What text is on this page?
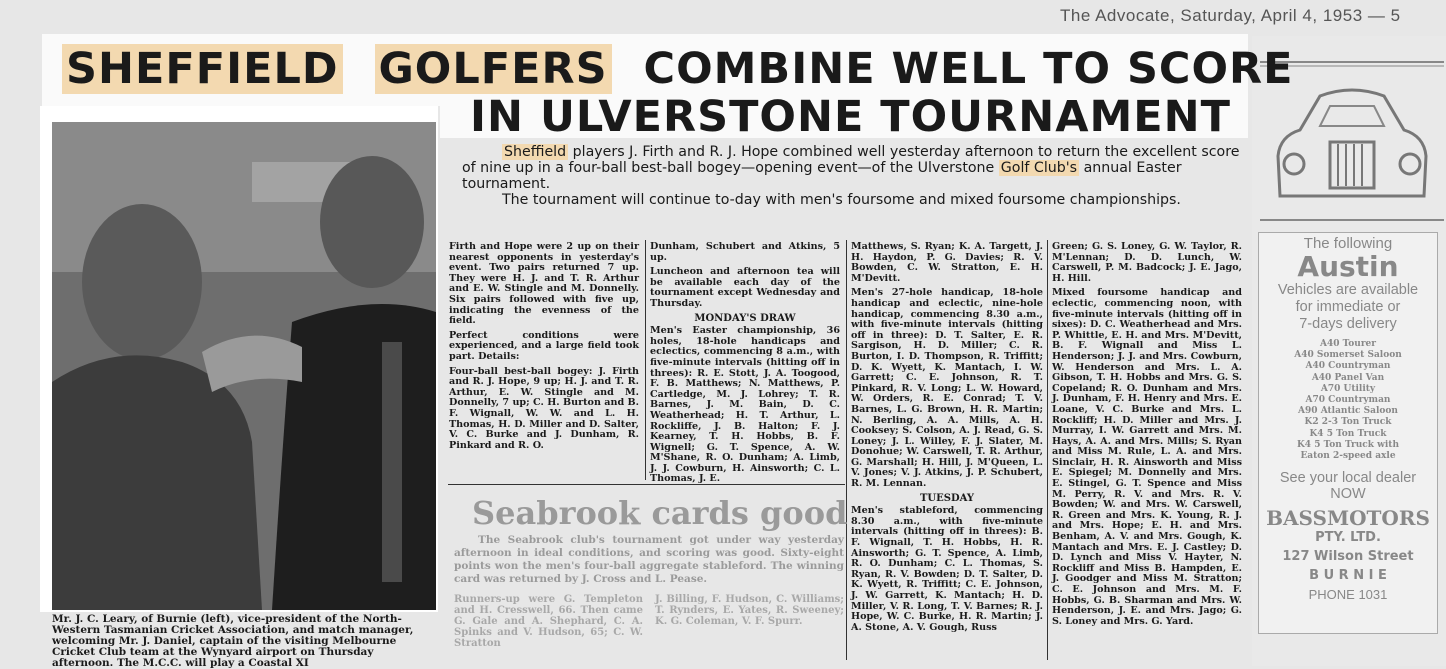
The Advocate, Saturday, April 4, 1953 — 5
The following
Austin
Vehicles are available
for immediate or
7-days delivery
A40 Tourer
A40 Somerset Saloon
A40 Countryman
A40 Panel Van
A70 Utility
A70 Countryman
A90 Atlantic Saloon
K2 2-3 Ton Truck
K4 5 Ton Truck
K4 5 Ton Truck with
Eaton 2-speed axle
See your local dealer
NOW
BASSMOTORS
PTY. LTD.
127 Wilson Street
B U R N I E
PHONE 1031
SHEFFIELD GOLFERS COMBINE WELL TO SCORE
IN ULVERSTONE TOURNAMENT
Mr. J. C. Leary, of Burnie (left), vice-president of the North-Western Tasmanian Cricket Association, and match manager, welcoming Mr. J. Daniel, captain of the visiting Melbourne Cricket Club team at the Wynyard airport on Thursday afternoon. The M.C.C. will play a Coastal XI
Sheffield players J. Firth and R. J. Hope combined well yesterday afternoon to return the excellent score of nine up in a four-ball best-ball bogey—opening event—of the Ulverstone Golf Club's annual Easter tournament.
The tournament will continue to-day with men's foursome and mixed foursome championships.

Firth and Hope were 2 up on their nearest opponents in yesterday's event. Two pairs returned 7 up. They were H. J. and T. R. Arthur and E. W. Stingle and M. Donnelly. Six pairs followed with five up, indicating the evenness of the field.

Perfect conditions were experienced, and a large field took part. Details:

Four-ball best-ball bogey: J. Firth and R. J. Hope, 9 up; H. J. and T. R. Arthur, E. W. Stingle and M. Donnelly, 7 up; C. H. Burton and B. F. Wignall, W. W. and L. H. Thomas, H. D. Miller and D. Salter, V. C. Burke and J. Dunham, R. Pinkard and R. O.

Dunham, Schubert and Atkins, 5 up.

Luncheon and afternoon tea will be available each day of the tournament except Wednesday and Thursday.

MONDAY'S DRAW

Men's Easter championship, 36 holes, 18-hole handicaps and eclectics, commencing 8 a.m., with five-minute intervals (hitting off in threes): R. E. Stott, J. A. Toogood, F. B. Matthews; N. Matthews, P. Cartledge, M. J. Lohrey; T. R. Barnes, J. M. Bain, D. C. Weatherhead; H. T. Arthur, L. Rockliffe, J. B. Halton; F. J. Kearney, T. H. Hobbs, B. F. Wignell; G. T. Spence, A. W. M'Shane, R. O. Dunham; A. Limb, J. J. Cowburn, H. Ainsworth; C. L. Thomas, J. E.

Matthews, S. Ryan; K. A. Targett, J. H. Haydon, P. G. Davies; R. V. Bowden, C. W. Stratton, E. H. M'Devitt.

Men's 27-hole handicap, 18-hole handicap and eclectic, nine-hole handicap, commencing 8.30 a.m., with five-minute intervals (hitting off in three): D. T. Salter, E. R. Sargison, H. D. Miller; C. R. Burton, I. D. Thompson, R. Triffitt; D. K. Wyett, K. Mantach, I. W. Garrett; C. E. Johnson, R. T. Pinkard, R. V. Long; L. W. Howard, W. Orders, R. E. Conrad; T. V. Barnes, L. G. Brown, H. R. Martin; N. Berling, A. A. Mills, A. H. Cooksey; S. Colson, A. J. Read, G. S. Loney; J. L. Willey, F. J. Slater, M. Donohue; W. Carswell, T. R. Arthur, G. Marshall; H. Hill, J. M'Queen, L. V. Jones; V. J. Atkins, J. P. Schubert, R. M. Lennan.

TUESDAY

Men's stableford, commencing 8.30 a.m., with five-minute intervals (hitting off in threes): B. F. Wignall, T. H. Hobbs, H. R. Ainsworth; G. T. Spence, A. Limb, R. O. Dunham; C. L. Thomas, S. Ryan, R. V. Bowden; D. T. Salter, D. K. Wyett, R. Triffitt; C. E. Johnson, J. W. Garrett, K. Mantach; H. D. Miller, V. R. Long, T. V. Barnes; R. J. Hope, W. C. Burke, H. R. Martin; J. A. Stone, A. V. Gough, Russ

Green; G. S. Loney, G. W. Taylor, R. M'Lennan; D. D. Lunch, W. Carswell, P. M. Badcock; J. E. Jago, H. Hill.

Mixed foursome handicap and eclectic, commencing noon, with five-minute intervals (hitting off in sixes): D. C. Weatherhead and Mrs. P. Whittle, E. H. and Mrs. M'Devitt, B. F. Wignall and Miss L. Henderson; J. J. and Mrs. Cowburn, W. Henderson and Mrs. L. A. Gibson, T. H. Hobbs and Mrs. G. S. Copeland; R. O. Dunham and Mrs. J. Dunham, F. H. Henry and Mrs. E. Loane, V. C. Burke and Mrs. L. Rockliff; H. D. Miller and Mrs. J. Murray, I. W. Garrett and Mrs. M. Hays, A. A. and Mrs. Mills; S. Ryan and Miss M. Rule, L. A. and Mrs. Sinclair, H. R. Ainsworth and Miss E. Spiegel; M. Donnelly and Mrs. E. Stingel, G. T. Spence and Miss M. Perry, R. V. and Mrs. R. V. Bowden; W. and Mrs. W. Carswell, R. Green and Mrs. K. Young, R. J. and Mrs. Hope; E. H. and Mrs. Benham, A. V. and Mrs. Gough, K. Mantach and Mrs. E. J. Castley; D. D. Lynch and Miss V. Hayter, N. Rockliff and Miss B. Hampden, E. J. Goodger and Miss M. Stratton; C. E. Johnson and Mrs. M. F. Hobbs, G. B. Sharman and Mrs. W. Henderson, J. E. and Mrs. Jago; G. S. Loney and Mrs. G. Yard.

Seabrook cards good
The Seabrook club's tournament got under way yesterday afternoon in ideal conditions, and scoring was good. Sixty-eight points won the men's four-ball aggregate stableford. The winning card was returned by J. Cross and L. Pease.
Runners-up were G. Templeton and H. Cresswell, 66. Then came G. Gale and A. Shephard, C. A. Spinks and V. Hudson, 65; C. W. Stratton
J. Billing, F. Hudson, C. Williams; T. Rynders, E. Yates, R. Sweeney; K. G. Coleman, V. F. Spurr.
